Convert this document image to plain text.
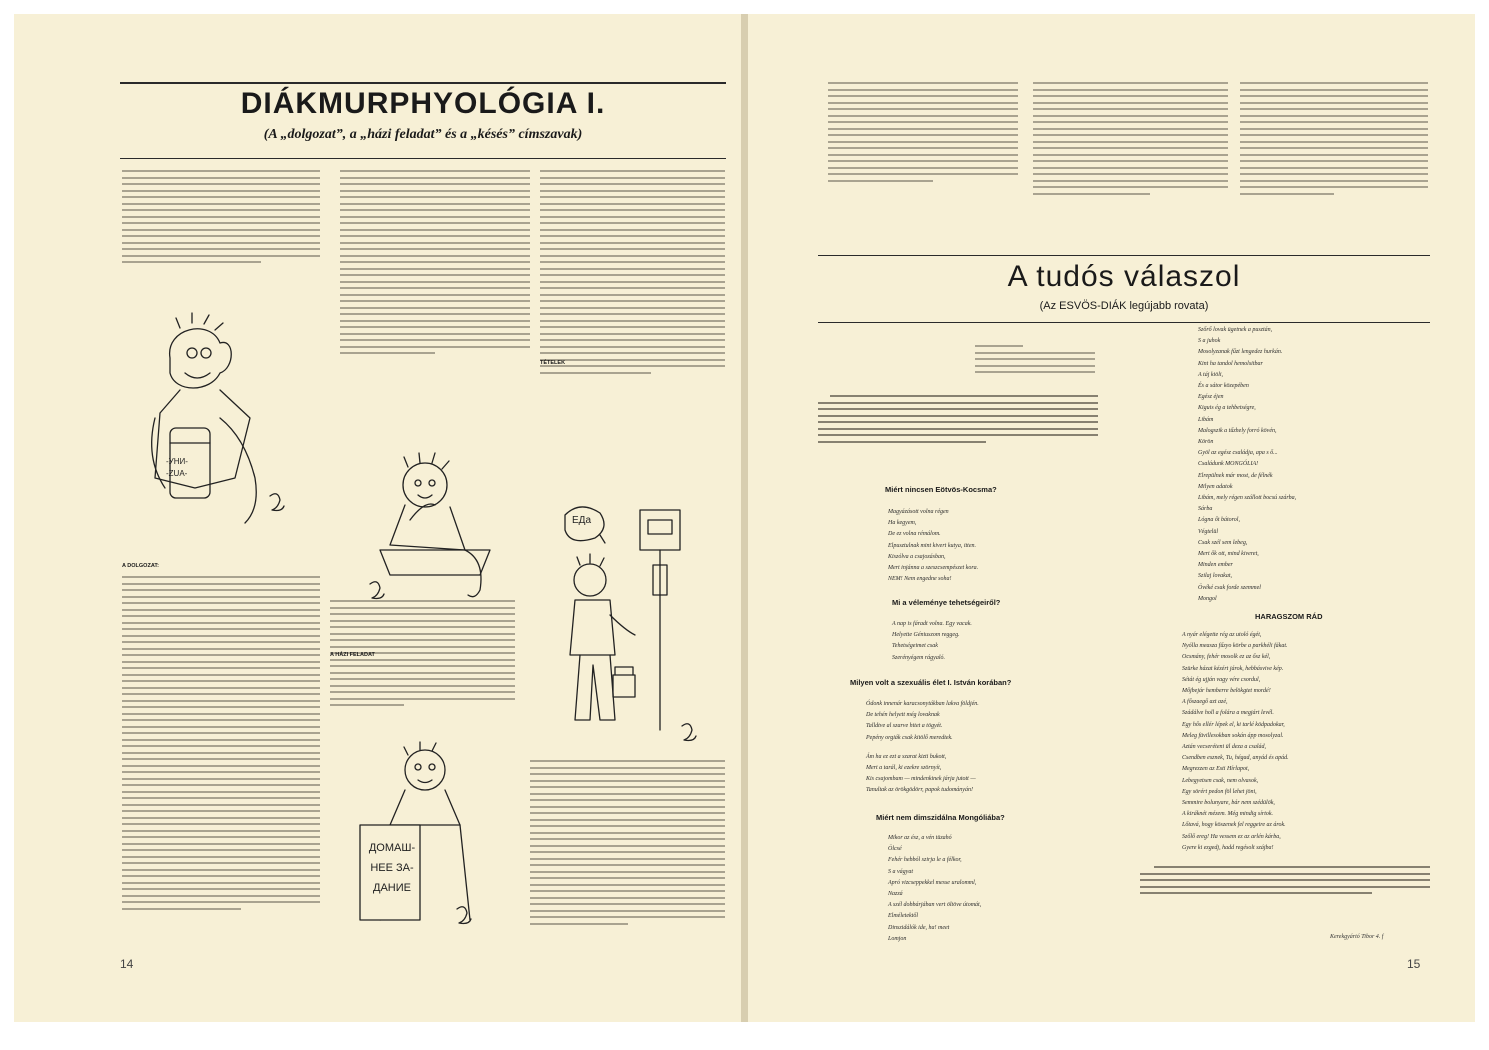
DIÁKMURPHYOLÓGIA I.
(A „dolgozat”, a „házi feladat” és a „késés” címszavak)
A DOLGOZAT:
A HÁZI FELADAT
TÉTELEK
-УНИ-
-ZUA-
ЕДа
ДОМАШ-
НЕЕ ЗА-
ДАНИЕ
14
A tudós válaszol
(Az ESVÖS-DIÁK legújabb rovata)
Miért nincsen Eötvös-Kocsma?
Magyázásott volna régen
Ha kegyem,
De ez volna rémálom.
Elpusztulnak mint kivert kutya, itten.
Kiszólva a csajozásban,
Mert injánna a szeszcsempészet kora.
NEM! Nem engedne soha!
Mi a véleménye tehetségeiről?
A nap is fáradt volna. Egy vacak.
Helyette Géniuszom reggeg.
Tehetségeimet csak
Szerényégem rágyaló.
Milyen volt a szexuális élet I. István korában?
Ódonk innenár karacsonytákban lakva földjén.
De tehén helyett még lovaknak
Talldtve al szarve hitet a tögyét.
Pepény orgiák csak kitölő meredtek.
Ám ha ez ezt a szarat kizti bukott,
Mert a tarál, ki ezekre szörnyít,
Kis csajombam — mindenkinek járja jutott —
Tanultak az örökgödörr, papok tudományán!
Miért nem dimszidálna Mongóliába?
Mikor az ész, a vén tüzahó
Ölcsé
Fehér hebból szirja le a félkor,
S a vágyat
Apró vizcseppekkel messe uralomml,
Nazzá
A szél dobbárjában vert öltöve útomát,
Elméletektől
Dinszidálók ide, ha! meet
Lomjon
Szőrő lovak ügetnek a pusztán,
S a juhok
Mosolyzanak fűzt lengedez hurkán.
Kint ha tandol hemolsitbar
A táj kiöli,
És a sátor közepében
Egész éjen
Kiguis ég a tehbetségre,
Libám
Malogszik a tűzhely forró kövén,
Körön
Gyöl az egész családja, apa s ő...
Családunk MONGÓLIA!
Elrepülnek már most, de félnék
Milyen adatok
Libám, mely régen szállott bocsú szárba,
Sárba
Lógna őt bátorol,
Végtelül
Csak szél sem lebeg,
Mert ők ott, mind kiveret,
Minden ember
Szilaj lovakat,
Övéké csak forde szemmel
Mongol
HARAGSZOM RÁD
A nyár elégette rég az utoló égét,
Nyólla measza fűzyo körbe a parkhéli fákat.
Ocsmány, fehér mosolk ez az ősz kél,
Szürke házat kézért járok, hebbásvive kép.
Sétát ég ujján vagy vére csordul,
Mőjbejár hemberre belökgtet mordé!
A főszaegő azt azé,
Szádálve holl a folára a megjárt levél.
Egy hős ellér lépek el, ki tarlé ködpadokar,
Meleg füvillesokban sokán ápp mosolyzal.
Aztán vecseréteni ül deza a család,
Csendben esznek, Tu, hégad, anyád és apád.
Megrezzen az Esti Hírlapot,
Lebegyetsen csak, nem olvasok,
Egy sörért pedon föl lehet jöni,
Semmire bolunyare, bár nem szédülök,
A kiráknét mézem. Még mindig sírtok.
Lőtavá, hogy köszenek fel reggeire az árok.
Szőlő ereg! Ha vessem ez az arlén kárba,
Gyere ki ezgedj, hadd regésolt szájba!
Kerekgyártó Tibor 4. f
15
